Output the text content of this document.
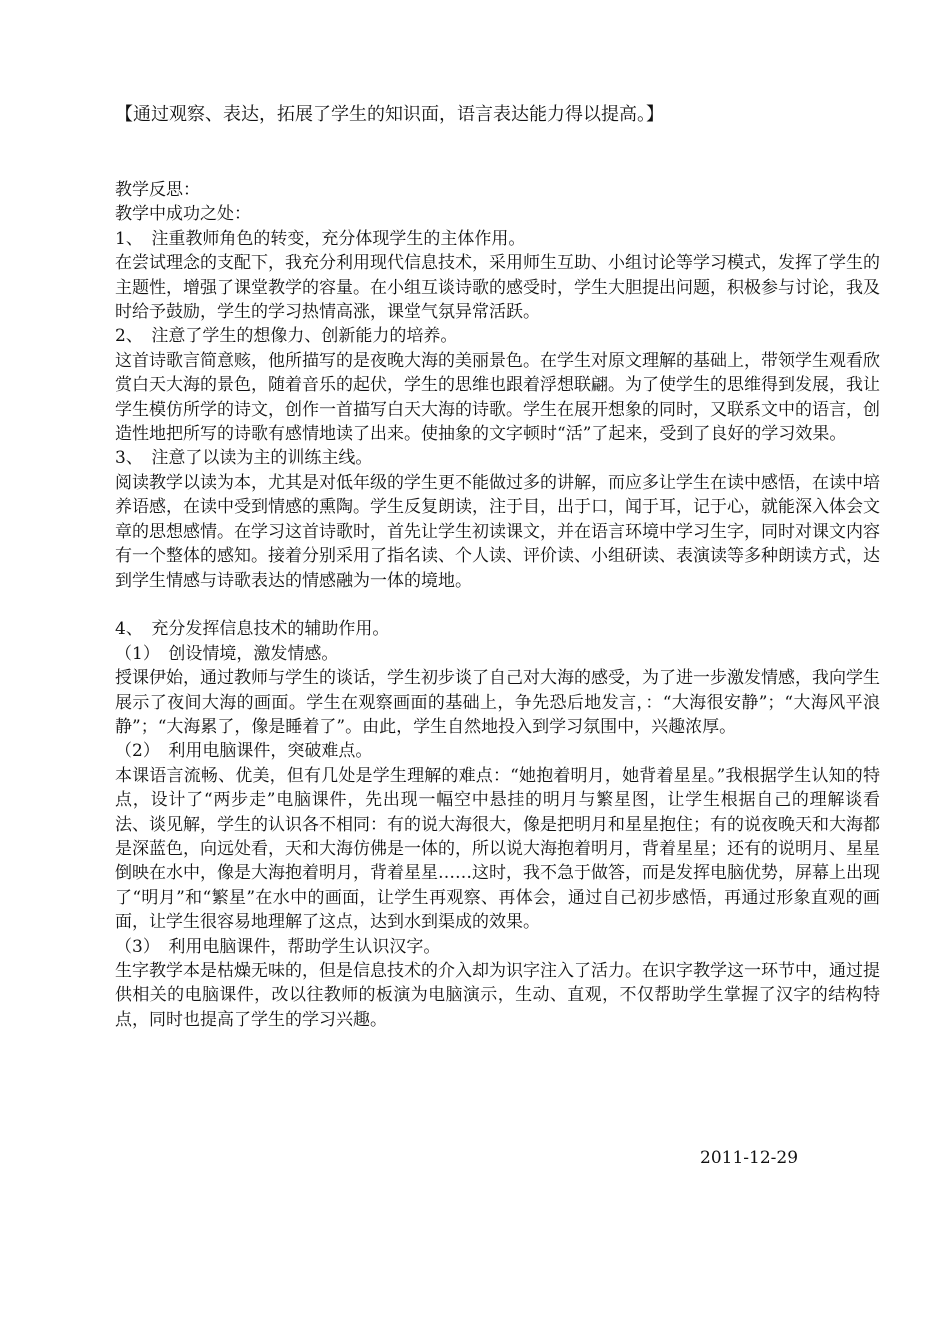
【通过观察、表达，拓展了学生的知识面，语言表达能力得以提高。】

教学反思：

教学中成功之处：

1、　注重教师角色的转变，充分体现学生的主体作用。

在尝试理念的支配下，我充分利用现代信息技术，采用师生互助、小组讨论等学习模式，发挥了学生的主题性，增强了课堂教学的容量。在小组互谈诗歌的感受时，学生大胆提出问题，积极参与讨论，我及时给予鼓励，学生的学习热情高涨，课堂气氛异常活跃。

2、　注意了学生的想像力、创新能力的培养。

这首诗歌言简意赅，他所描写的是夜晚大海的美丽景色。在学生对原文理解的基础上，带领学生观看欣赏白天大海的景色，随着音乐的起伏，学生的思维也跟着浮想联翩。为了使学生的思维得到发展，我让学生模仿所学的诗文，创作一首描写白天大海的诗歌。学生在展开想象的同时，又联系文中的语言，创造性地把所写的诗歌有感情地读了出来。使抽象的文字顿时“活”了起来，受到了良好的学习效果。

3、　注意了以读为主的训练主线。

阅读教学以读为本，尤其是对低年级的学生更不能做过多的讲解，而应多让学生在读中感悟，在读中培养语感，在读中受到情感的熏陶。学生反复朗读，注于目，出于口，闻于耳，记于心，就能深入体会文章的思想感情。在学习这首诗歌时，首先让学生初读课文，并在语言环境中学习生字，同时对课文内容有一个整体的感知。接着分别采用了指名读、个人读、评价读、小组研读、表演读等多种朗读方式，达到学生情感与诗歌表达的情感融为一体的境地。

4、　充分发挥信息技术的辅助作用。

（1）　创设情境，激发情感。

授课伊始，通过教师与学生的谈话，学生初步谈了自己对大海的感受，为了进一步激发情感，我向学生展示了夜间大海的画面。学生在观察画面的基础上，争先恐后地发言，：“大海很安静”；“大海风平浪静”；“大海累了，像是睡着了”。由此，学生自然地投入到学习氛围中，兴趣浓厚。

（2）　利用电脑课件，突破难点。

本课语言流畅、优美，但有几处是学生理解的难点：“她抱着明月，她背着星星。”我根据学生认知的特点，设计了“两步走”电脑课件，先出现一幅空中悬挂的明月与繁星图，让学生根据自己的理解谈看法、谈见解，学生的认识各不相同：有的说大海很大，像是把明月和星星抱住；有的说夜晚天和大海都是深蓝色，向远处看，天和大海仿佛是一体的，所以说大海抱着明月，背着星星；还有的说明月、星星倒映在水中，像是大海抱着明月，背着星星……这时，我不急于做答，而是发挥电脑优势，屏幕上出现了“明月”和“繁星”在水中的画面，让学生再观察、再体会，通过自己初步感悟，再通过形象直观的画面，让学生很容易地理解了这点，达到水到渠成的效果。

（3）　利用电脑课件，帮助学生认识汉字。

生字教学本是枯燥无味的，但是信息技术的介入却为识字注入了活力。在识字教学这一环节中，通过提供相关的电脑课件，改以往教师的板演为电脑演示，生动、直观，不仅帮助学生掌握了汉字的结构特点，同时也提高了学生的学习兴趣。

2011-12-29
